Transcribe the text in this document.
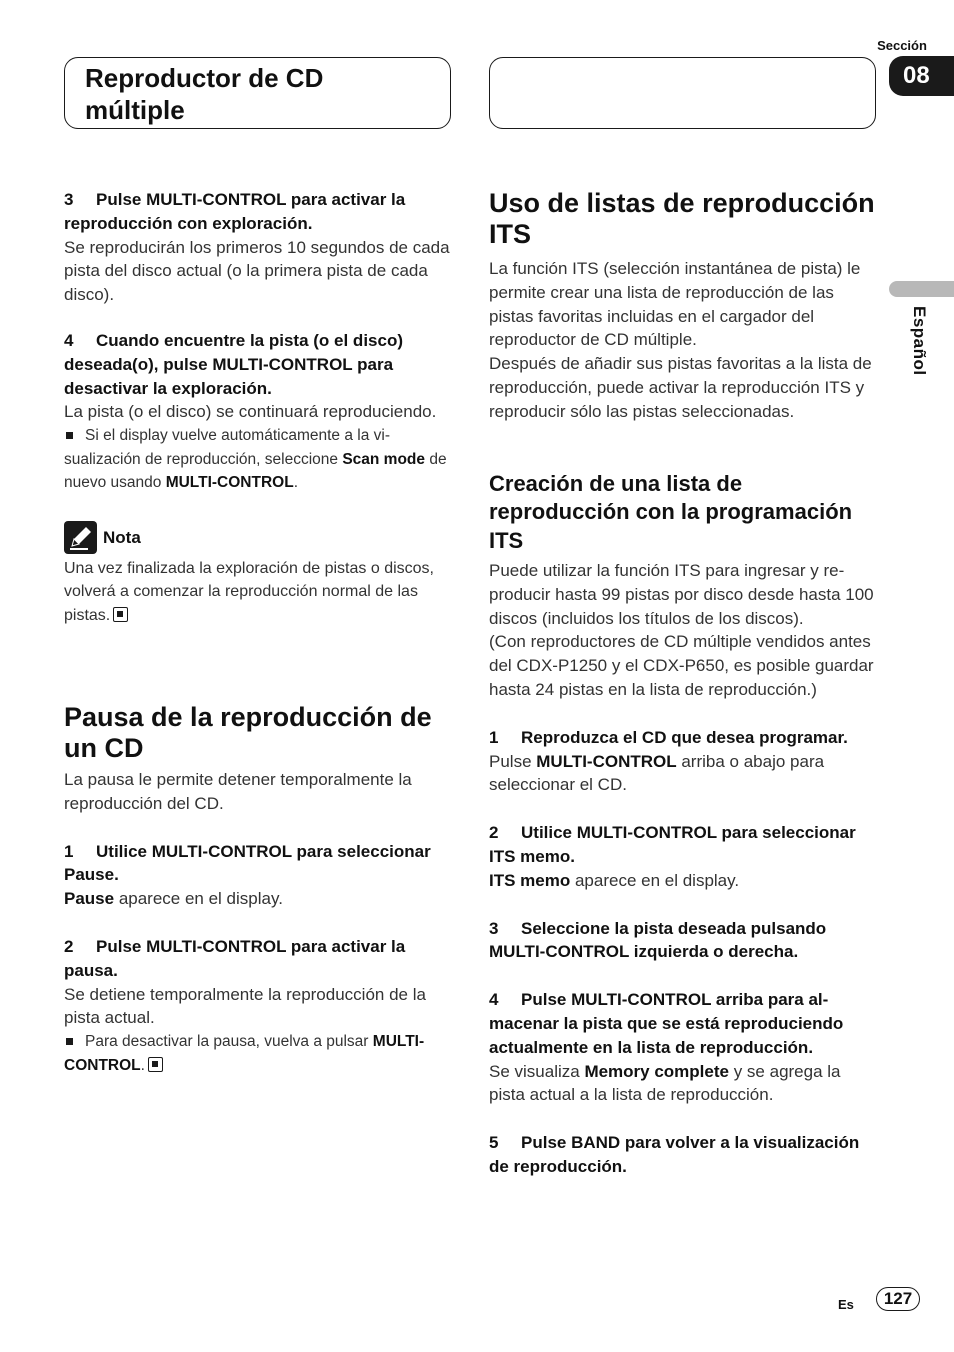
Reproductor de CD múltiple
Sección
08
Español

3 Pulse MULTI-CONTROL para activar la reproducción con exploración.

Se reproducirán los primeros 10 segundos de cada pista del disco actual (o la primera pista de cada disco).

4 Cuando encuentre la pista (o el disco) deseada(o), pulse MULTI-CONTROL para desactivar la exploración.

La pista (o el disco) se continuará reproduciendo.

Si el display vuelve automáticamente a la visualización de reproducción, seleccione Scan mode de nuevo usando MULTI-CONTROL.

Nota

Una vez finalizada la exploración de pistas o discos, volverá a comenzar la reproducción normal de las pistas.

Pausa de la reproducción de un CD

La pausa le permite detener temporalmente la reproducción del CD.

1 Utilice MULTI-CONTROL para seleccionar Pause.

Pause aparece en el display.

2 Pulse MULTI-CONTROL para activar la pausa.

Se detiene temporalmente la reproducción de la pista actual.

Para desactivar la pausa, vuelva a pulsar MULTI-CONTROL.

Uso de listas de reproducción ITS

La función ITS (selección instantánea de pista) le permite crear una lista de reproducción de las pistas favoritas incluidas en el cargador del reproductor de CD múltiple.

Después de añadir sus pistas favoritas a la lista de reproducción, puede activar la reproducción ITS y reproducir sólo las pistas seleccionadas.

Creación de una lista de reproducción con la programación ITS

Puede utilizar la función ITS para ingresar y reproducir hasta 99 pistas por disco desde hasta 100 discos (incluidos los títulos de los discos).

(Con reproductores de CD múltiple vendidos antes del CDX-P1250 y el CDX-P650, es posible guardar hasta 24 pistas en la lista de reproducción.)

1 Reproduzca el CD que desea programar.

Pulse MULTI-CONTROL arriba o abajo para seleccionar el CD.

2 Utilice MULTI-CONTROL para seleccionar ITS memo.

ITS memo aparece en el display.

3 Seleccione la pista deseada pulsando MULTI-CONTROL izquierda o derecha.

4 Pulse MULTI-CONTROL arriba para almacenar la pista que se está reproduciendo actualmente en la lista de reproducción.

Se visualiza Memory complete y se agrega la pista actual a la lista de reproducción.

5 Pulse BAND para volver a la visualización de reproducción.

Es	127
